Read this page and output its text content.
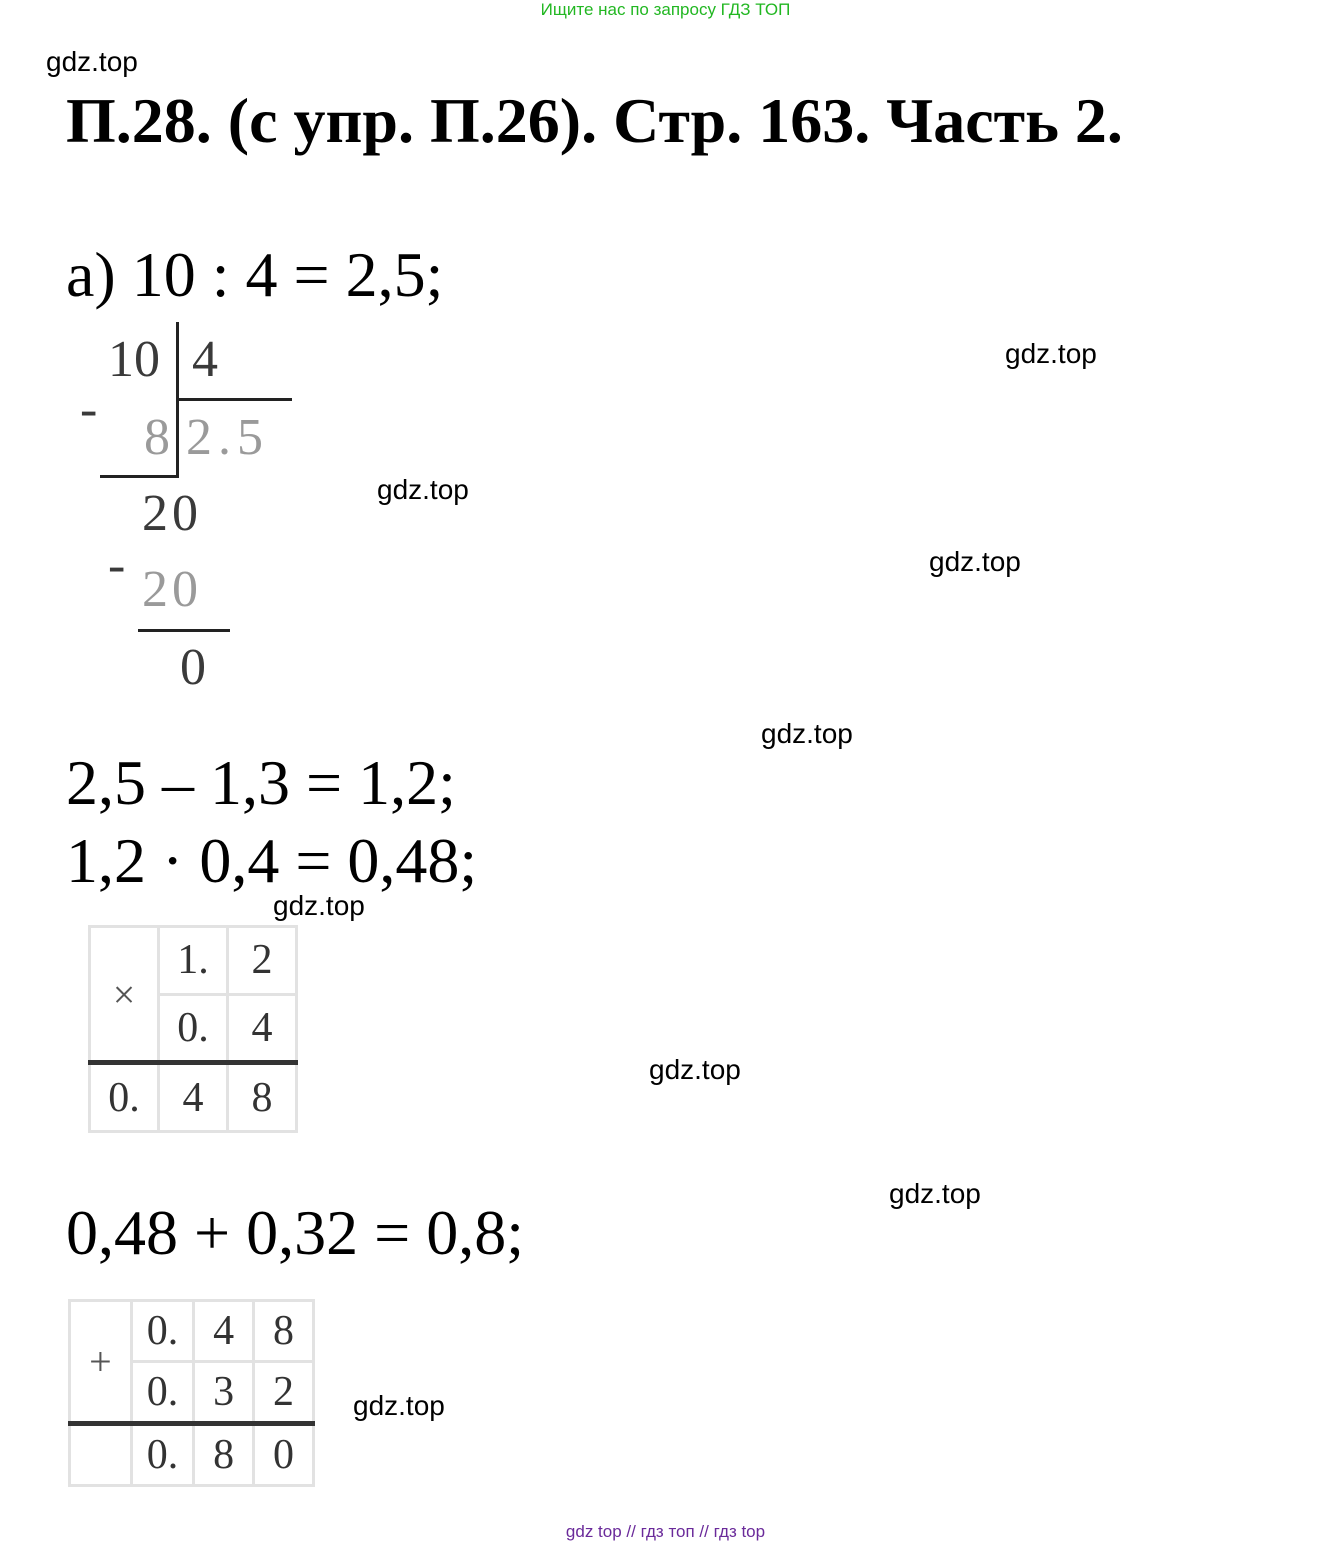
Ищите нас по запросу ГДЗ ТОП
gdz.top
gdz.top
gdz.top
gdz.top
gdz.top
gdz.top
gdz.top
gdz.top
gdz.top
П.28. (с упр. П.26). Стр. 163. Часть 2.
а) 10 : 4 = 2,5;
10 4
- 8 2.5
20
- 20
0
2,5 – 1,3 = 1,2;
1,2 · 0,4 = 0,48;
×	1.	2
	0.	4
0.	4	8
0,48 + 0,32 = 0,8;
+	0.	4	8
	0.	3	2
	0.	8	0
gdz top // гдз топ // гдз top
